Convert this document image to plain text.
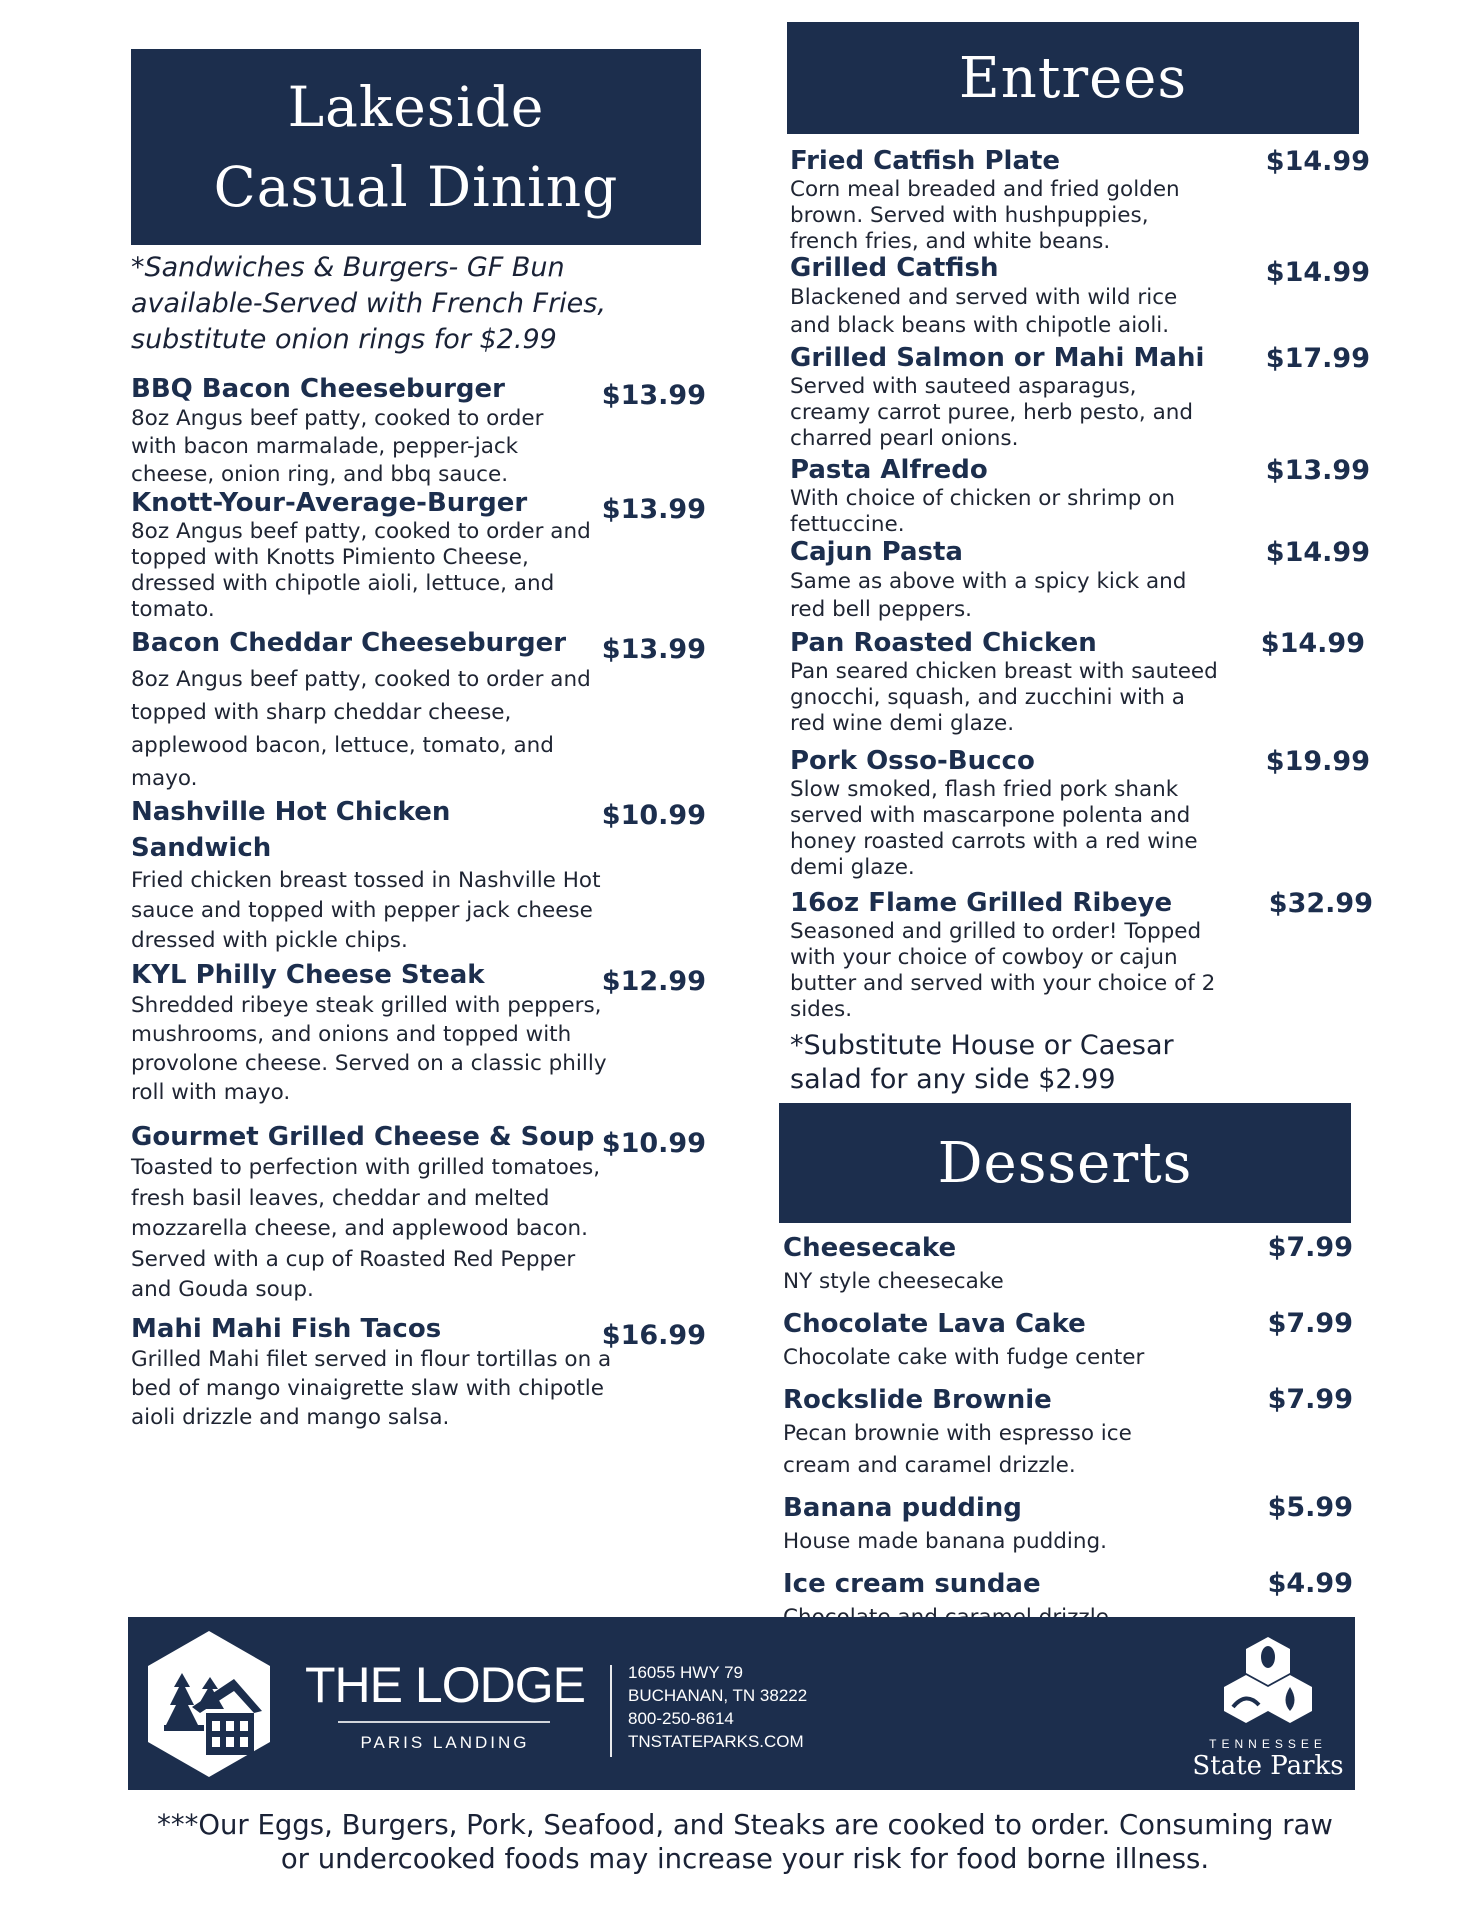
Lakeside
Casual Dining
*Sandwiches & Burgers- GF Bun available-Served with French Fries, substitute onion rings for $2.99
BBQ Bacon Cheeseburger	$13.99
8oz Angus beef patty, cooked to order with bacon marmalade, pepper-jack cheese, onion ring, and bbq sauce.
Knott-Your-Average-Burger	$13.99
8oz Angus beef patty, cooked to order and topped with Knotts Pimiento Cheese, dressed with chipotle aioli, lettuce, and tomato.
Bacon Cheddar Cheeseburger	$13.99
8oz Angus beef patty, cooked to order and topped with sharp cheddar cheese, applewood bacon, lettuce, tomato, and mayo.
Nashville Hot Chicken Sandwich
$10.99
Fried chicken breast tossed in Nashville Hot sauce and topped with pepper jack cheese dressed with pickle chips.
KYL Philly Cheese Steak	$12.99
Shredded ribeye steak grilled with peppers, mushrooms, and onions and topped with provolone cheese. Served on a classic philly roll with mayo.
Gourmet Grilled Cheese & Soup $10.99
Toasted to perfection with grilled tomatoes, fresh basil leaves, cheddar and melted mozzarella cheese, and applewood bacon. Served with a cup of Roasted Red Pepper and Gouda soup.
Mahi Mahi Fish Tacos	$16.99
Grilled Mahi filet served in flour tortillas on a bed of mango vinaigrette slaw with chipotle aioli drizzle and mango salsa.
Entrees
Fried Catfish Plate	$14.99
Corn meal breaded and fried golden brown. Served with hushpuppies, french fries, and white beans.
Grilled Catfish	$14.99
Blackened and served with wild rice and black beans with chipotle aioli.
Grilled Salmon or Mahi Mahi	$17.99
Served with sauteed asparagus, creamy carrot puree, herb pesto, and charred pearl onions.
Pasta Alfredo	$13.99
With choice of chicken or shrimp on fettuccine.
Cajun Pasta	$14.99
Same as above with a spicy kick and red bell peppers.
Pan Roasted Chicken	$14.99
Pan seared chicken breast with sauteed gnocchi, squash, and zucchini with a red wine demi glaze.
Pork Osso-Bucco	$19.99
Slow smoked, flash fried pork shank served with mascarpone polenta and honey roasted carrots with a red wine demi glaze.
16oz Flame Grilled Ribeye	$32.99
Seasoned and grilled to order! Topped with your choice of cowboy or cajun butter and served with your choice of 2 sides.
*Substitute House or Caesar salad for any side $2.99
Desserts
Cheesecake	$7.99
NY style cheesecake
Chocolate Lava Cake	$7.99
Chocolate cake with fudge center
Rockslide Brownie	$7.99
Pecan brownie with espresso ice cream and caramel drizzle.
Banana pudding	$5.99
House made banana pudding.
Ice cream sundae	$4.99
THE LODGE
PARIS LANDING
16055 HWY 79
BUCHANAN, TN 38222
800-250-8614
TNSTATEPARKS.COM	TENNESSEE
State Parks
***Our Eggs, Burgers, Pork, Seafood, and Steaks are cooked to order. Consuming raw or undercooked foods may increase your risk for food borne illness.
